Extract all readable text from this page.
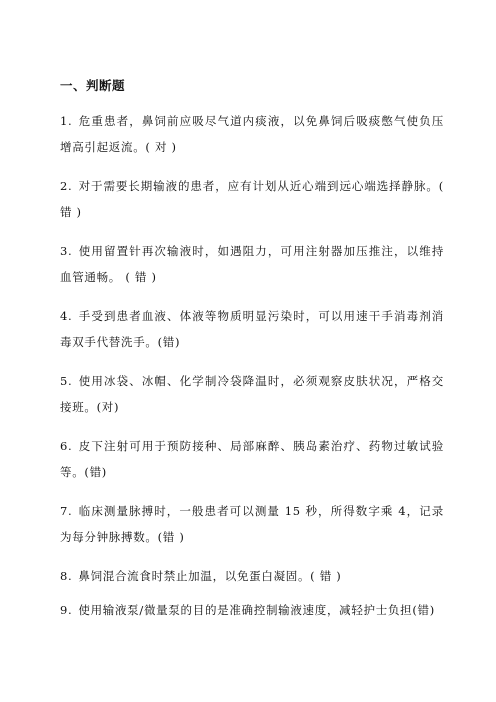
一、判断题
1. 危重患者，鼻饲前应吸尽气道内痰液，以免鼻饲后吸痰憋气使负压增高引起返流。( 对 )
2. 对于需要长期输液的患者，应有计划从近心端到远心端选择静脉。( 错 )
3. 使用留置针再次输液时，如遇阻力，可用注射器加压推注，以维持血管通畅。 ( 错 )
4. 手受到患者血液、体液等物质明显污染时，可以用速干手消毒剂消毒双手代替洗手。(错)
5. 使用冰袋、冰帽、化学制冷袋降温时，必须观察皮肤状况，严格交接班。(对)
6. 皮下注射可用于预防接种、局部麻醉、胰岛素治疗、药物过敏试验等。(错)
7. 临床测量脉搏时，一般患者可以测量 15 秒，所得数字乘 4，记录为每分钟脉搏数。(错 )
8. 鼻饲混合流食时禁止加温，以免蛋白凝固。( 错 )
9. 使用输液泵/微量泵的目的是准确控制输液速度，减轻护士负担(错)
